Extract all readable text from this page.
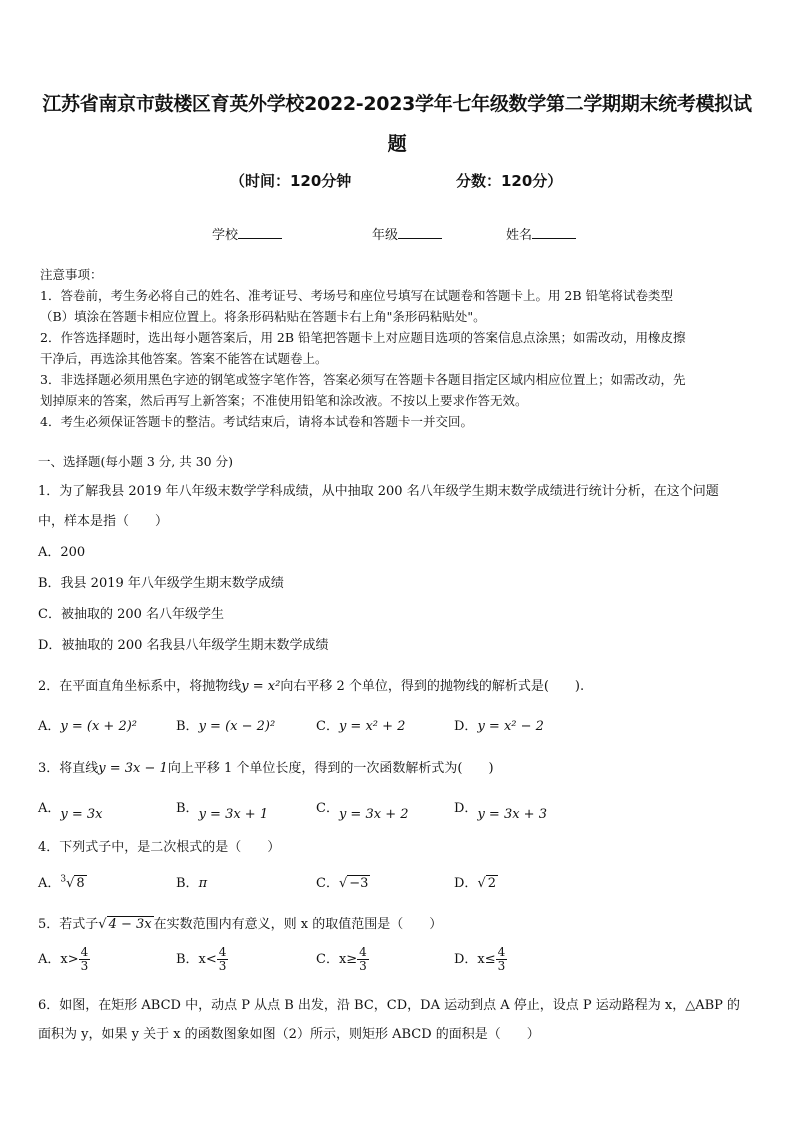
江苏省南京市鼓楼区育英外学校2022-2023学年七年级数学第二学期期末统考模拟试
题
（时间：120分钟	分数：120分）
学校	年级	姓名

注意事项：

1．答卷前，考生务必将自己的姓名、准考证号、考场号和座位号填写在试题卷和答题卡上。用 2B 铅笔将试卷类型

（B）填涂在答题卡相应位置上。将条形码粘贴在答题卡右上角"条形码粘贴处"。

2．作答选择题时，选出每小题答案后，用 2B 铅笔把答题卡上对应题目选项的答案信息点涂黑；如需改动，用橡皮擦

干净后，再选涂其他答案。答案不能答在试题卷上。

3．非选择题必须用黑色字迹的钢笔或签字笔作答，答案必须写在答题卡各题目指定区域内相应位置上；如需改动，先

划掉原来的答案，然后再写上新答案；不准使用铅笔和涂改液。不按以上要求作答无效。

4．考生必须保证答题卡的整洁。考试结束后，请将本试卷和答题卡一并交回。

一、选择题(每小题 3 分, 共 30 分)
1．为了解我县 2019 年八年级末数学学科成绩，从中抽取 200 名八年级学生期末数学成绩进行统计分析，在这个问题
中，样本是指（　　）
A．200
B．我县 2019 年八年级学生期末数学成绩
C．被抽取的 200 名八年级学生
D．被抽取的 200 名我县八年级学生期末数学成绩
2．在平面直角坐标系中，将抛物线y = x²向右平移 2 个单位，得到的抛物线的解析式是(　　).
A．y = (x + 2)²	B．y = (x − 2)²	C．y = x² + 2	D．y = x² − 2
3．将直线y = 3x − 1向上平移 1 个单位长度，得到的一次函数解析式为(　　)
A．y = 3x	B．y = 3x + 1	C．y = 3x + 2	D．y = 3x + 3
4．下列式子中，是二次根式的是（　　）
A．$^3$√ 8	B．π	C．√ −3	D．√ 2
5．若式子√ 4 − 3x 在实数范围内有意义，则 x 的取值范围是（　　）
A．$x> \frac{4}{3}$	B．$x< \frac{4}{3}$	C．$x\ge \frac{4}{3}$	D．$x\le \frac{4}{3}$
6．如图，在矩形 ABCD 中，动点 P 从点 B 出发，沿 BC，CD，DA 运动到点 A 停止，设点 P 运动路程为 x，△ABP 的
面积为 y，如果 y 关于 x 的函数图象如图（2）所示，则矩形 ABCD 的面积是（　　）
